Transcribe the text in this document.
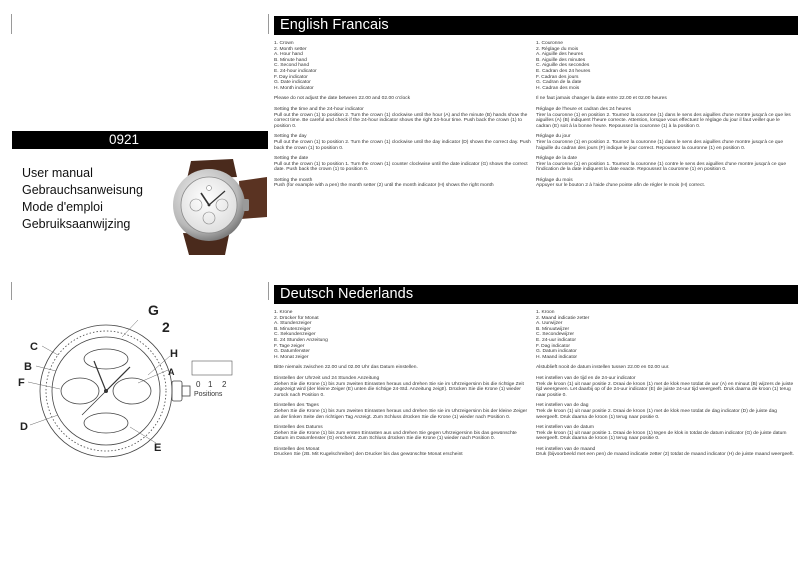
0921
User manual
Gebrauchsanweisung
Mode d'emploi
Gebruiksaanwijzing
English Francais
1. Crown
2. Month setter
A. Hour hand
B. Minute hand
C. Second hand
E. 24-hour indicator
F. Day indicator
G. Date indicator
H. Month indicator
Please do not adjust the date between 22.00 and 02.00 o'clock
Setting the time and the 24-hour indicator
Pull out the crown (1) to position 2. Turn the crown (1) clockwise until the hour (A) and the minute (B) hands show the correct time. Be careful and check if the 24-hour indicator shows the right 24-hour time. Push back the crown (1) to position 0.
Setting the day
Pull out the crown (1) to position 2. Turn the crown (1) clockwise until the day indicator (D) shows the correct day. Push back the crown (1) to position 0.
Setting the date
Pull out the crown (1) to position 1. Turn the crown (1) counter clockwise until the date indicator (G) shows the correct date. Push back the crown (1) to position 0.
Setting the month
Push (for example with a pen) the month setter (2) until the month indicator (H) shows the right month
1. Couronne
2. Réglage du mois
A. Aiguille des heures
B. Aiguille des minutes
C. Aiguille des secondes
E. Cadran des 24 heures
F. Cadran des jours
G. Cadran de la date
H. Cadran des mois
Il ne faut jamais changer la date entre 22.00 et 02.00 heures
Réglage de l'heure et cadran des 24 heures
Tirer la couronne (1) en position 2. Tournez la couronne (1) dans le sens des aiguilles d'une montre jusqu'à ce que les aiguilles (A) (B) indiquent l'heure correcte. Attention, lorsque vous effectuez le réglage du jour il faut veiller que le cadran (E) soit à la bonne heure. Repoussez la couronne (1) à la position 0.
Réglage du jour
Tirer la couronne (1) en position 2. Tournez la couronne (1) dans le sens des aiguilles d'une montre jusqu'à ce que l'aiguille du cadran des jours (F) indique le jour correct. Repoussez la couronne (1) en position 0.
Réglage de la date
Tirer la couronne (1) en position 1. Tournez la couronne (1) contre le sens des aiguilles d'une montre jusqu'à ce que l'indication de la date indiquent la date exacte. Repoussez la couronne (1) en position 0.
Réglage du mois
Appuyer sur le bouton 2 à l'aide d'une pointe afin de régler le mois (H) correct.
G
2
C
H
B
F
D
E
A
0 1 2
Positions
Deutsch Nederlands
1. Krone
2. Drücker für Monat
A. Stundenzeiger
B. Minutenzeiger
C. Sekundenzeiger
E. 24 Stunden Anzeitung
F. Tage zeiger
G. Datumfenster
H. Monat zeiger
Bitte niemals zwischen 22.00 und 02.00 Uhr das Datum einstellen.
Einstellen der Uhrzeit und 24 Stunden Anzeitung
Ziehen Sie die Krone (1) bis zum zweiten Einrasten heraus und drehen Sie sie im Uhrzeigersinn bis die richtige Zeit angezeigt wird (der kleine Zeiger (E) unten die richtige 24-Std. Anzeitung zeigt!). Drücken Sie die Krone (1) wieder zurück nach Position 0.
Einstellen des Tages
Ziehen Sie die Krone (1) bis zum zweiten Einrasten heraus und drehen Sie sie im Uhrzeigersinn bis der kleine Zeiger an der linken Seite den richtigen Tag Anzeigt. Zum Schluss drücken Sie die Krone (1) wieder nach Position 0.
Einstellen des Datums
Ziehen Sie die Krone (1) bis zum ersten Einrasten aus und drehen Sie gegen Uhrzeigersinn bis das gewünschte Datum im Datumfenster (G) erscheint. Zum Schluss drücken Sie die Krone (1) wieder nach Position 0.
Einstellen des Monat
Drucken Sie (zB. Mit Kugelschreiber) den Drucker bis das gewünschte Monat erscheint
1. Kroon
2. Maand indicatie zetter
A. Uurwijzer
B. Minuutwijzer
C. Secondewijzer
E. 24-uur indicator
F. Dag indicator
G. Datum indicator
H. Maand indicator
Alstublieft nooit de datum instellen tussen 22.00 en 02.00 uur.
Het instellen van de tijd en de 24-uur indicator
Trek de kroon (1) uit naar positie 2. Draai de kroon (1) met de klok mee totdat de uur (A) en minuut (B) wijzers de juiste tijd weergeven. Let daarbij op of de 24-uur indicator (E) de juiste 24-uur tijd weergeeft. Druk daarna de kroon (1) terug naar positie 0.
Het instellen van de dag
Trek de kroon (1) uit naar positie 2. Draai de kroon (1) met de klok mee totdat de dag indicator (D) de juiste dag weergeeft. Druk daarna de kroon (1) terug naar positie 0.
Het instellen van de datum
Trek de kroon (1) uit naar positie 1. Draai de kroon (1) tegen de klok in totdat de datum indicator (G) de juiste datum weergeeft. Druk daarna de kroon (1) terug naar positie 0.
Het instellen van de maand
Druk (bijvoorbeeld met een pen) de maand indicatie zetter (2) totdat de maand indicator (H) de juiste maand weergeeft.
